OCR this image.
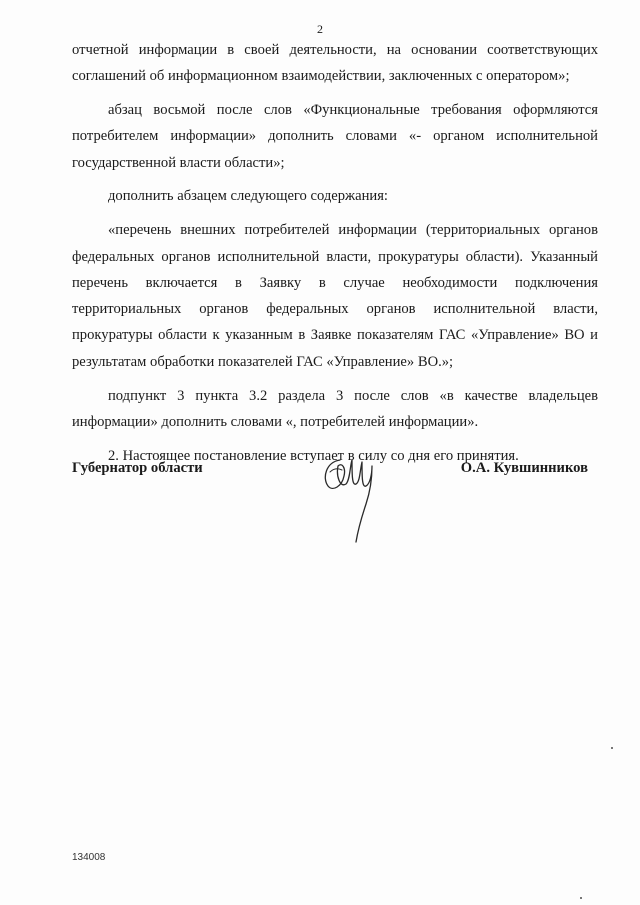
2

отчетной информации в своей деятельности, на основании соответствующих соглашений об информационном взаимодействии, заключенных с оператором»;

абзац восьмой после слов «Функциональные требования оформляются потребителем информации» дополнить словами «- органом исполнительной государственной власти области»;

дополнить абзацем следующего содержания:

«перечень внешних потребителей информации (территориальных органов федеральных органов исполнительной власти, прокуратуры области). Указанный перечень включается в Заявку в случае необходимости подключения территориальных органов федеральных органов исполнительной власти, прокуратуры области к указанным в Заявке показателям ГАС «Управление» ВО и результатам обработки показателей ГАС «Управление» ВО.»;

подпункт 3 пункта 3.2 раздела 3 после слов «в качестве владельцев информации» дополнить словами «, потребителей информации».

2. Настоящее постановление вступает в силу со дня его принятия.

Губернатор области	О.А. Кувшинников
134008
